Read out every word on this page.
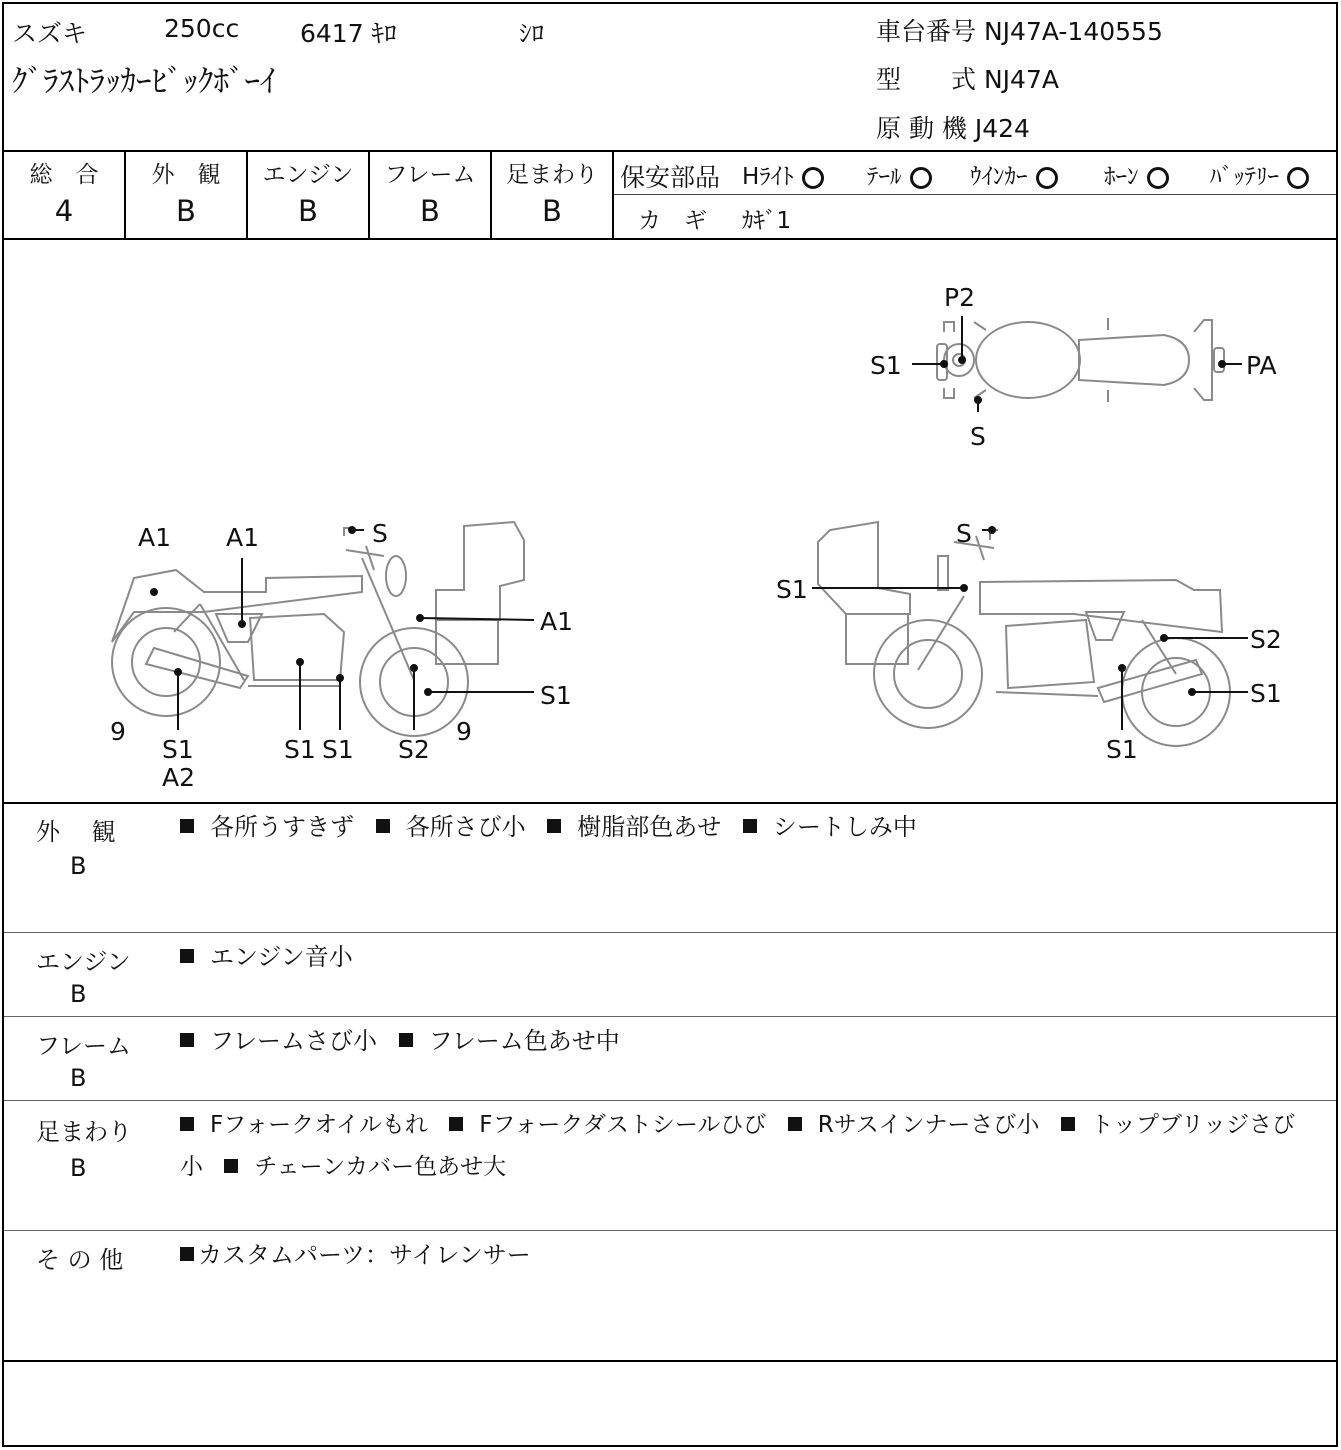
スズキ	250cc 6417 ｷﾛ	ｼﾛ
ｸﾞﾗｽﾄﾗｯｶｰﾋﾞｯｸﾎﾞｰｲ
車台番号 NJ47A-140555
型　　式 NJ47A
原 動 機 J424
総　合
4
外　観
B
エンジン
B
フレーム
B
足まわり
B
保安部品 Hﾗｲﾄ	ﾃｰﾙ	ｳｲﾝｶｰ	ﾎｰﾝ	ﾊﾞｯﾃﾘｰ
カ　ギ ｶｷﾞ1
P2
S1	PA
S
A1 A1	S
A1
S1
9
S1
A2
S1 S1 S2
9
S
S1
S2
S1
S1
外　 観
B
各所うすきず 各所さび小 樹脂部色あせ シートしみ中
エンジン
B
エンジン音小
フレーム
B
フレームさび小 フレーム色あせ中
足まわり
B
Fフォークオイルもれ Fフォークダストシールひび Rサスインナーさび小 トップブリッジさび小 チェーンカバー色あせ大
そ の 他	カスタムパーツ：サイレンサー
